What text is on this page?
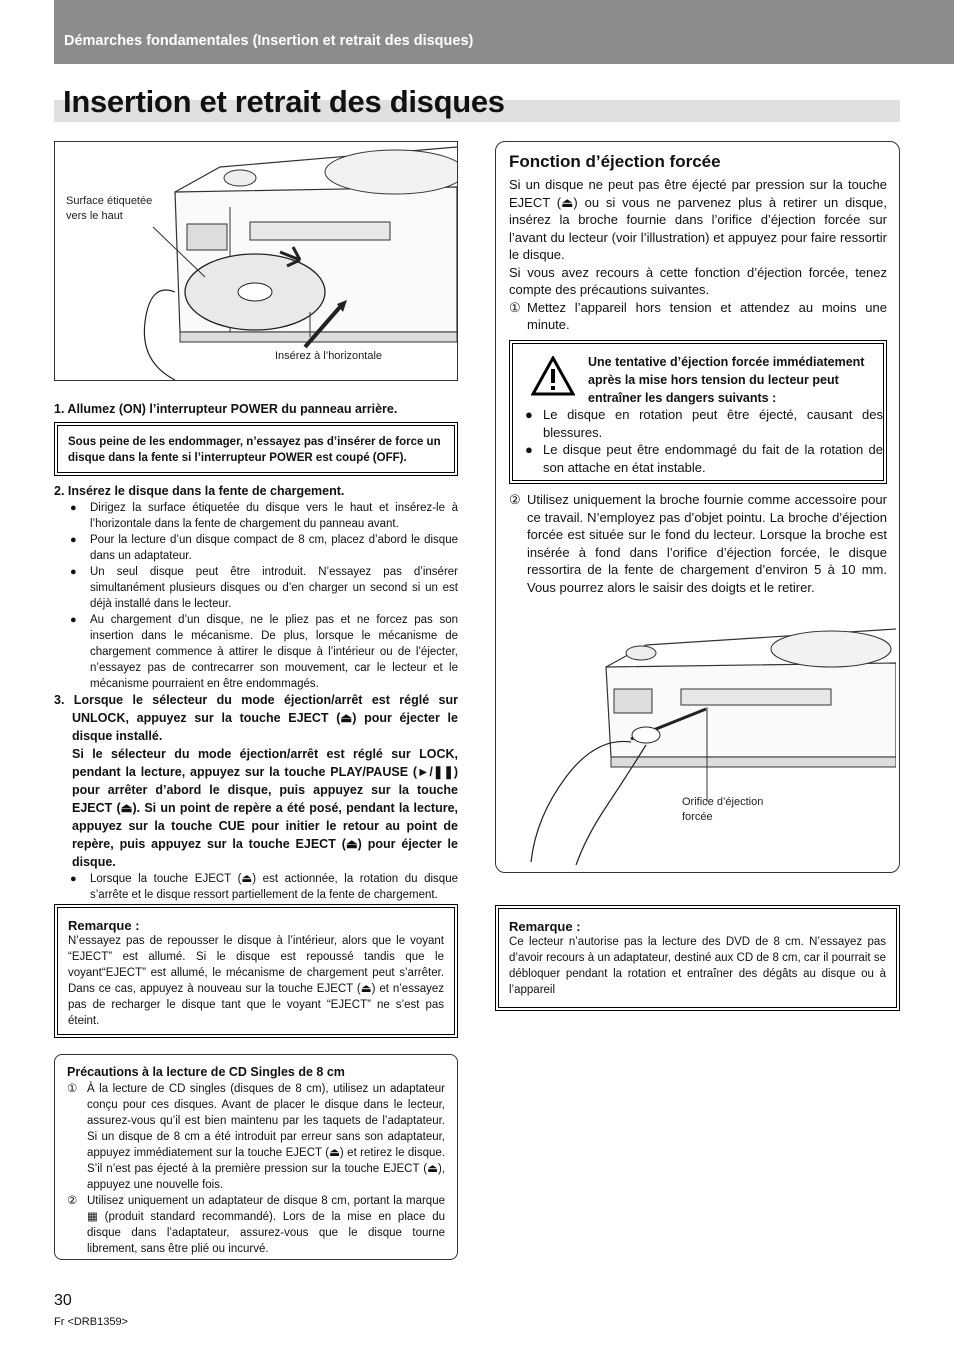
Démarches fondamentales (Insertion et retrait des disques)
Insertion et retrait des disques
Surface étiquetée
vers le haut
Insérez à l’horizontale
1. Allumez (ON) l’interrupteur POWER du panneau arrière.
Sous peine de les endommager, n’essayez pas d’insérer de force un disque dans la fente si l’interrupteur POWER est coupé (OFF).
2. Insérez le disque dans la fente de chargement.
● Dirigez la surface étiquetée du disque vers le haut et insérez-le à l’horizontale dans la fente de chargement du panneau avant.
● Pour la lecture d’un disque compact de 8 cm, placez d’abord le disque dans un adaptateur.
● Un seul disque peut être introduit. N’essayez pas d’insérer simultanément plusieurs disques ou d’en charger un second si un est déjà installé dans le lecteur.
● Au chargement d’un disque, ne le pliez pas et ne forcez pas son insertion dans le mécanisme. De plus, lorsque le mécanisme de chargement commence à attirer le disque à l’intérieur ou de l’éjecter, n’essayez pas de contrecarrer son mouvement, car le lecteur et le mécanisme pourraient en être endommagés.
3. Lorsque le sélecteur du mode éjection/arrêt est réglé sur UNLOCK, appuyez sur la touche EJECT (⏏) pour éjecter le disque installé.
Si le sélecteur du mode éjection/arrêt est réglé sur LOCK, pendant la lecture, appuyez sur la touche PLAY/PAUSE (►/❚❚) pour arrêter d’abord le disque, puis appuyez sur la touche EJECT (⏏). Si un point de repère a été posé, pendant la lecture, appuyez sur la touche CUE pour initier le retour au point de repère, puis appuyez sur la touche EJECT (⏏) pour éjecter le disque.
● Lorsque la touche EJECT (⏏) est actionnée, la rotation du disque s’arrête et le disque ressort partiellement de la fente de chargement.
Remarque :
N’essayez pas de repousser le disque à l’intérieur, alors que le voyant “EJECT” est allumé. Si le disque est repoussé tandis que le voyant“EJECT” est allumé, le mécanisme de chargement peut s’arrêter. Dans ce cas, appuyez à nouveau sur la touche EJECT (⏏) et n’essayez pas de recharger le disque tant que le voyant “EJECT” ne s’est pas éteint.
Précautions à la lecture de CD Singles de 8 cm
① À la lecture de CD singles (disques de 8 cm), utilisez un adaptateur conçu pour ces disques. Avant de placer le disque dans le lecteur, assurez-vous qu’il est bien maintenu par les taquets de l’adaptateur. Si un disque de 8 cm a été introduit par erreur sans son adaptateur, appuyez immédiatement sur la touche EJECT (⏏) et retirez le disque. S’il n’est pas éjecté à la première pression sur la touche EJECT (⏏), appuyez une nouvelle fois.
② Utilisez uniquement un adaptateur de disque 8 cm, portant la marque ▦ (produit standard recommandé). Lors de la mise en place du disque dans l’adaptateur, assurez-vous que le disque tourne librement, sans être plié ou incurvé.
Fonction d’éjection forcée
Si un disque ne peut pas être éjecté par pression sur la touche EJECT (⏏) ou si vous ne parvenez plus à retirer un disque, insérez la broche fournie dans l’orifice d’éjection forcée sur l’avant du lecteur (voir l’illustration) et appuyez pour faire ressortir le disque.
Si vous avez recours à cette fonction d’éjection forcée, tenez compte des précautions suivantes.
① Mettez l’appareil hors tension et attendez au moins une minute.
Une tentative d’éjection forcée immédiatement après la mise hors tension du lecteur peut entraîner les dangers suivants :
● Le disque en rotation peut être éjecté, causant des blessures.
● Le disque peut être endommagé du fait de la rotation de son attache en état instable.
② Utilisez uniquement la broche fournie comme accessoire pour ce travail. N’employez pas d’objet pointu. La broche d’éjection forcée est située sur le fond du lecteur. Lorsque la broche est insérée à fond dans l’orifice d’éjection forcée, le disque ressortira de la fente de chargement d’environ 5 à 10 mm. Vous pourrez alors le saisir des doigts et le retirer.
Orifice d’éjection
forcée
Remarque :
Ce lecteur n’autorise pas la lecture des DVD de 8 cm. N’essayez pas d’avoir recours à un adaptateur, destiné aux CD de 8 cm, car il pourrait se débloquer pendant la rotation et entraîner des dégâts au disque ou à l’appareil
30
Fr <DRB1359>
